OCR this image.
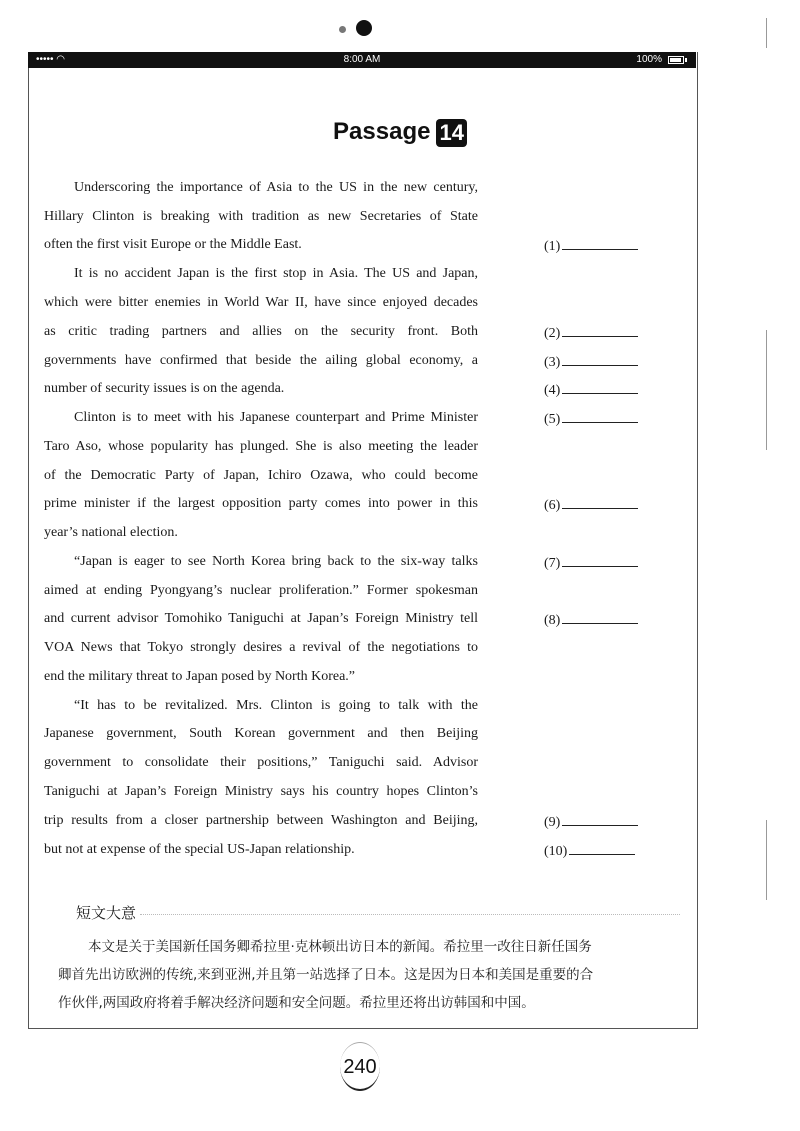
••••• ◠	8:00 AM	100%
Passage 14
Underscoring the importance of Asia to the US in the new century,
Hillary Clinton is breaking with tradition as new Secretaries of State
often the first visit Europe or the Middle East.
It is no accident Japan is the first stop in Asia. The US and Japan,
which were bitter enemies in World War II, have since enjoyed decades
as critic trading partners and allies on the security front. Both
governments have confirmed that beside the ailing global economy, a
number of security issues is on the agenda.
Clinton is to meet with his Japanese counterpart and Prime Minister
Taro Aso, whose popularity has plunged. She is also meeting the leader
of the Democratic Party of Japan, Ichiro Ozawa, who could become
prime minister if the largest opposition party comes into power in this
year’s national election.
“Japan is eager to see North Korea bring back to the six-way talks
aimed at ending Pyongyang’s nuclear proliferation.” Former spokesman
and current advisor Tomohiko Taniguchi at Japan’s Foreign Ministry tell
VOA News that Tokyo strongly desires a revival of the negotiations to
end the military threat to Japan posed by North Korea.”
“It has to be revitalized. Mrs. Clinton is going to talk with the
Japanese government, South Korean government and then Beijing
government to consolidate their positions,” Taniguchi said. Advisor
Taniguchi at Japan’s Foreign Ministry says his country hopes Clinton’s
trip results from a closer partnership between Washington and Beijing,
but not at expense of the special US-Japan relationship.
(1)
(2)
(3)
(4)
(5)
(6)
(7)
(8)
(9)
(10)
短文大意
本文是关于美国新任国务卿希拉里·克林顿出访日本的新闻。希拉里一改往日新任国务
卿首先出访欧洲的传统,来到亚洲,并且第一站选择了日本。这是因为日本和美国是重要的合
作伙伴,两国政府将着手解决经济问题和安全问题。希拉里还将出访韩国和中国。
240
